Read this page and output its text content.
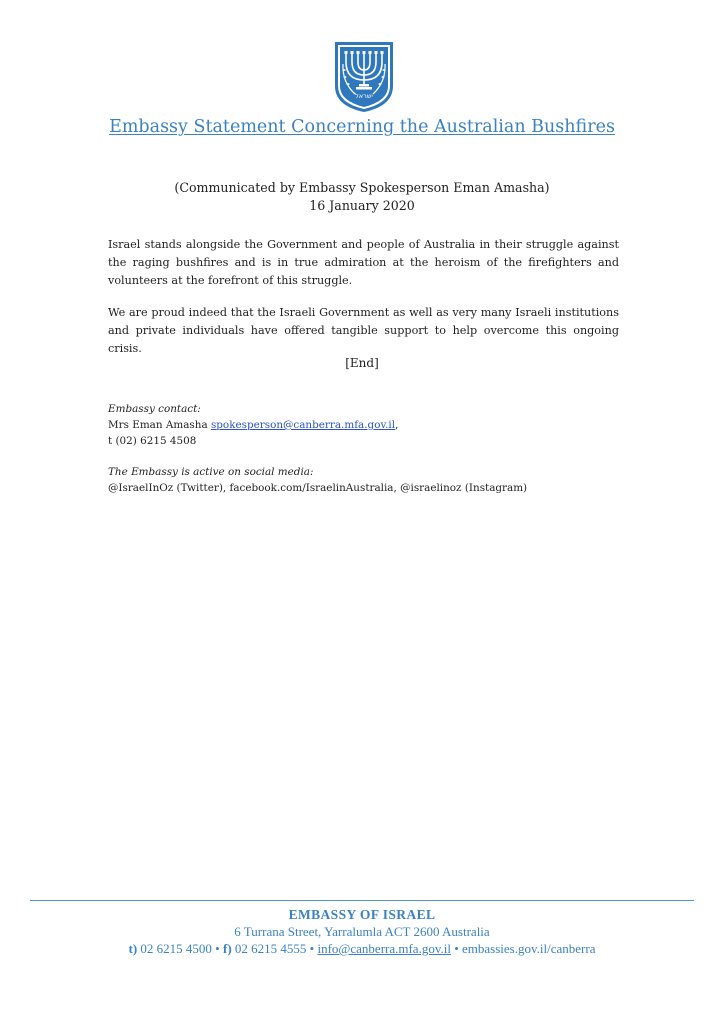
ישראל
Embassy Statement Concerning the Australian Bushfires
(Communicated by Embassy Spokesperson Eman Amasha)
16 January 2020
Israel stands alongside the Government and people of Australia in their struggle against the raging bushfires and is in true admiration at the heroism of the firefighters and volunteers at the forefront of this struggle.
We are proud indeed that the Israeli Government as well as very many Israeli institutions and private individuals have offered tangible support to help overcome this ongoing crisis.
[End]
Embassy contact:
Mrs Eman Amasha spokesperson@canberra.mfa.gov.il,
t (02) 6215 4508
The Embassy is active on social media:
@IsraelInOz (Twitter), facebook.com/IsraelinAustralia, @israelinoz (Instagram)
EMBASSY OF ISRAEL
6 Turrana Street, Yarralumla ACT 2600 Australia
t) 02 6215 4500 • f) 02 6215 4555 • info@canberra.mfa.gov.il • embassies.gov.il/canberra
